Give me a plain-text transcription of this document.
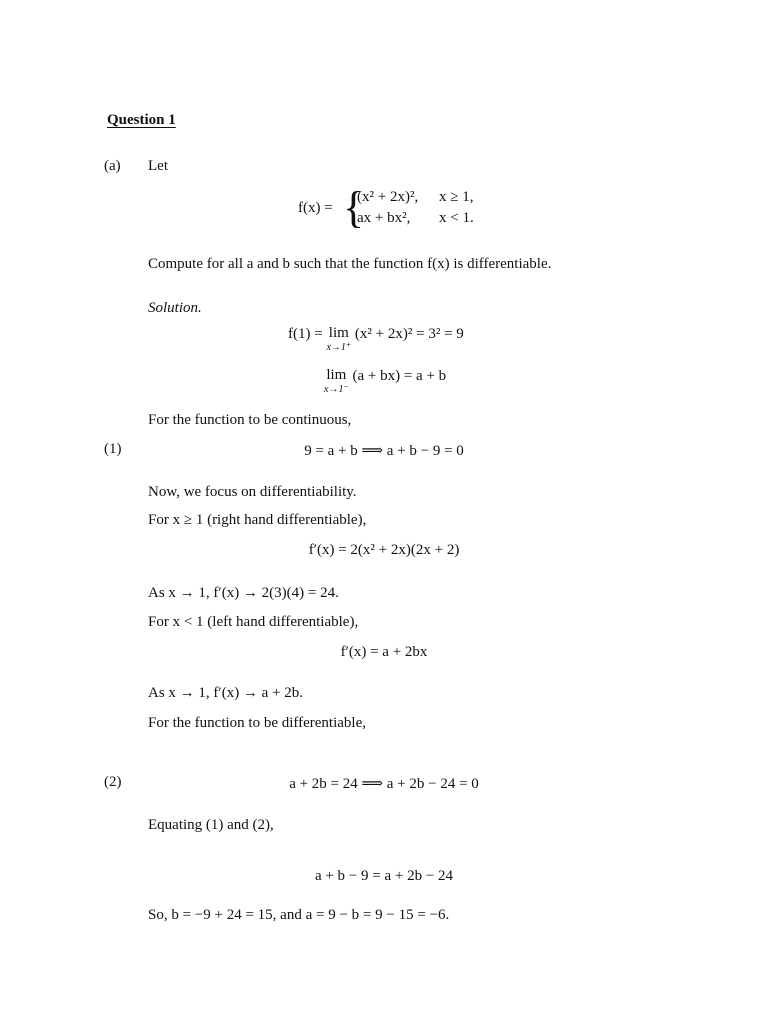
Question 1
(a) Let
f(x) = {
(x² + 2x)², x ≥ 1,
ax + bx², x < 1.
Compute for all a and b such that the function f(x) is differentiable.
Solution.
f(1) = lim
x→1⁺
(x² + 2x)² = 3² = 9
lim
x→1⁻
(a + bx) = a + b
For the function to be continuous,
(1)	9 = a + b ⟹ a + b − 9 = 0
Now, we focus on differentiability.
For x ≥ 1 (right hand differentiable),
f′(x) = 2(x² + 2x)(2x + 2)
As x → 1, f′(x) → 2(3)(4) = 24.
For x < 1 (left hand differentiable),
f′(x) = a + 2bx
As x → 1, f′(x) → a + 2b.
For the function to be differentiable,
(2)	a + 2b = 24 ⟹ a + 2b − 24 = 0
Equating (1) and (2),
a + b − 9 = a + 2b − 24
So, b = −9 + 24 = 15, and a = 9 − b = 9 − 15 = −6.
